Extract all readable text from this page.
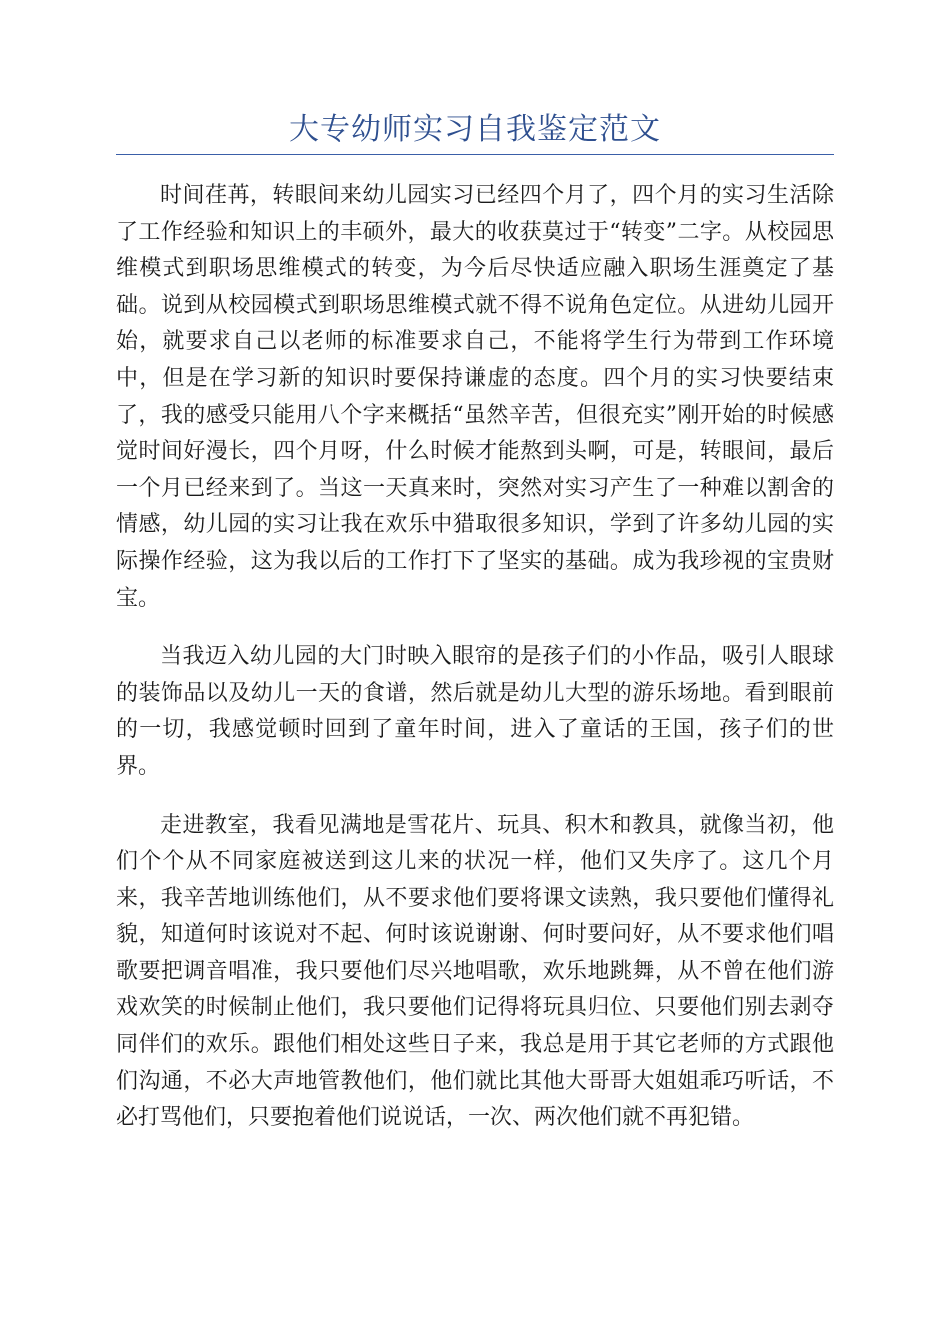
大专幼师实习自我鉴定范文

时间荏苒，转眼间来幼儿园实习已经四个月了，四个月的实习生活除了工作经验和知识上的丰硕外，最大的收获莫过于“转变”二字。从校园思维模式到职场思维模式的转变，为今后尽快适应融入职场生涯奠定了基础。说到从校园模式到职场思维模式就不得不说角色定位。从进幼儿园开始，就要求自己以老师的标准要求自己，不能将学生行为带到工作环境中，但是在学习新的知识时要保持谦虚的态度。四个月的实习快要结束了，我的感受只能用八个字来概括“虽然辛苦，但很充实”刚开始的时候感觉时间好漫长，四个月呀，什么时候才能熬到头啊，可是，转眼间，最后一个月已经来到了。当这一天真来时，突然对实习产生了一种难以割舍的情感，幼儿园的实习让我在欢乐中猎取很多知识，学到了许多幼儿园的实际操作经验，这为我以后的工作打下了坚实的基础。成为我珍视的宝贵财宝。

当我迈入幼儿园的大门时映入眼帘的是孩子们的小作品，吸引人眼球的装饰品以及幼儿一天的食谱，然后就是幼儿大型的游乐场地。看到眼前的一切，我感觉顿时回到了童年时间，进入了童话的王国，孩子们的世界。

走进教室，我看见满地是雪花片、玩具、积木和教具，就像当初，他们个个从不同家庭被送到这儿来的状况一样，他们又失序了。这几个月来，我辛苦地训练他们，从不要求他们要将课文读熟，我只要他们懂得礼貌，知道何时该说对不起、何时该说谢谢、何时要问好，从不要求他们唱歌要把调音唱准，我只要他们尽兴地唱歌，欢乐地跳舞，从不曾在他们游戏欢笑的时候制止他们，我只要他们记得将玩具归位、只要他们别去剥夺同伴们的欢乐。跟他们相处这些日子来，我总是用于其它老师的方式跟他们沟通，不必大声地管教他们，他们就比其他大哥哥大姐姐乖巧听话，不必打骂他们，只要抱着他们说说话，一次、两次他们就不再犯错。
